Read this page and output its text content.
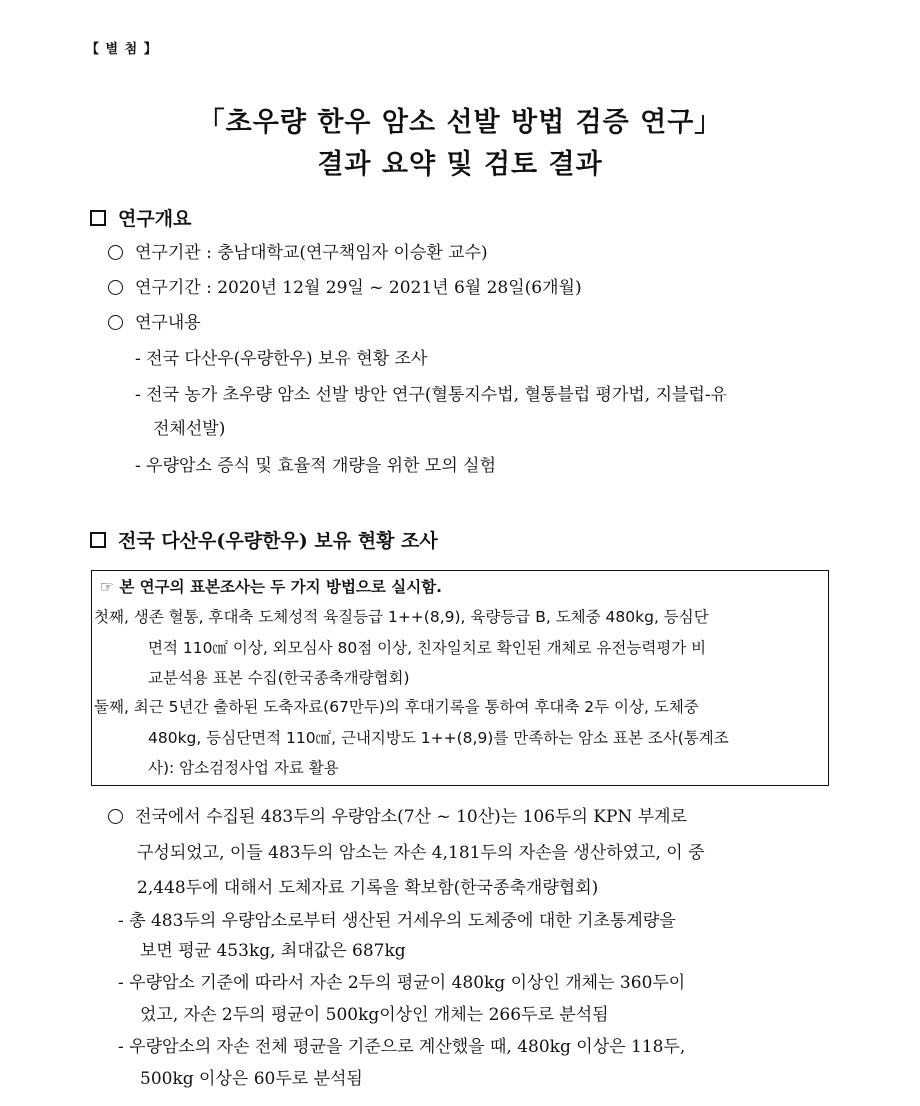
【 별 첨 】
「초우량 한우 암소 선발 방법 검증 연구」
결과 요약 및 검토 결과
연구개요
연구기관 : 충남대학교(연구책임자 이승환 교수)
연구기간 : 2020년 12월 29일 ~ 2021년 6월 28일(6개월)
연구내용
- 전국 다산우(우량한우) 보유 현황 조사
- 전국 농가 초우량 암소 선발 방안 연구(혈통지수법, 혈통블럽 평가법, 지블럽-유
전체선발)
- 우량암소 증식 및 효율적 개량을 위한 모의 실험
전국 다산우(우량한우) 보유 현황 조사
☞ 본 연구의 표본조사는 두 가지 방법으로 실시함.
첫째, 생존 혈통, 후대축 도체성적 육질등급 1++(8,9), 육량등급 B, 도체중 480kg, 등심단
면적 110㎠ 이상, 외모심사 80점 이상, 친자일치로 확인된 개체로 유전능력평가 비
교분석용 표본 수집(한국종축개량협회)
둘째, 최근 5년간 출하된 도축자료(67만두)의 후대기록을 통하여 후대축 2두 이상, 도체중
480kg, 등심단면적 110㎠, 근내지방도 1++(8,9)를 만족하는 암소 표본 조사(통계조
사): 암소검정사업 자료 활용
전국에서 수집된 483두의 우량암소(7산 ~ 10산)는 106두의 KPN 부계로
구성되었고, 이들 483두의 암소는 자손 4,181두의 자손을 생산하였고, 이 중
2,448두에 대해서 도체자료 기록을 확보함(한국종축개량협회)
- 총 483두의 우량암소로부터 생산된 거세우의 도체중에 대한 기초통계량을
보면 평균 453kg, 최대값은 687kg
- 우량암소 기준에 따라서 자손 2두의 평균이 480kg 이상인 개체는 360두이
었고, 자손 2두의 평균이 500kg이상인 개체는 266두로 분석됨
- 우량암소의 자손 전체 평균을 기준으로 계산했을 때, 480kg 이상은 118두,
500kg 이상은 60두로 분석됨
